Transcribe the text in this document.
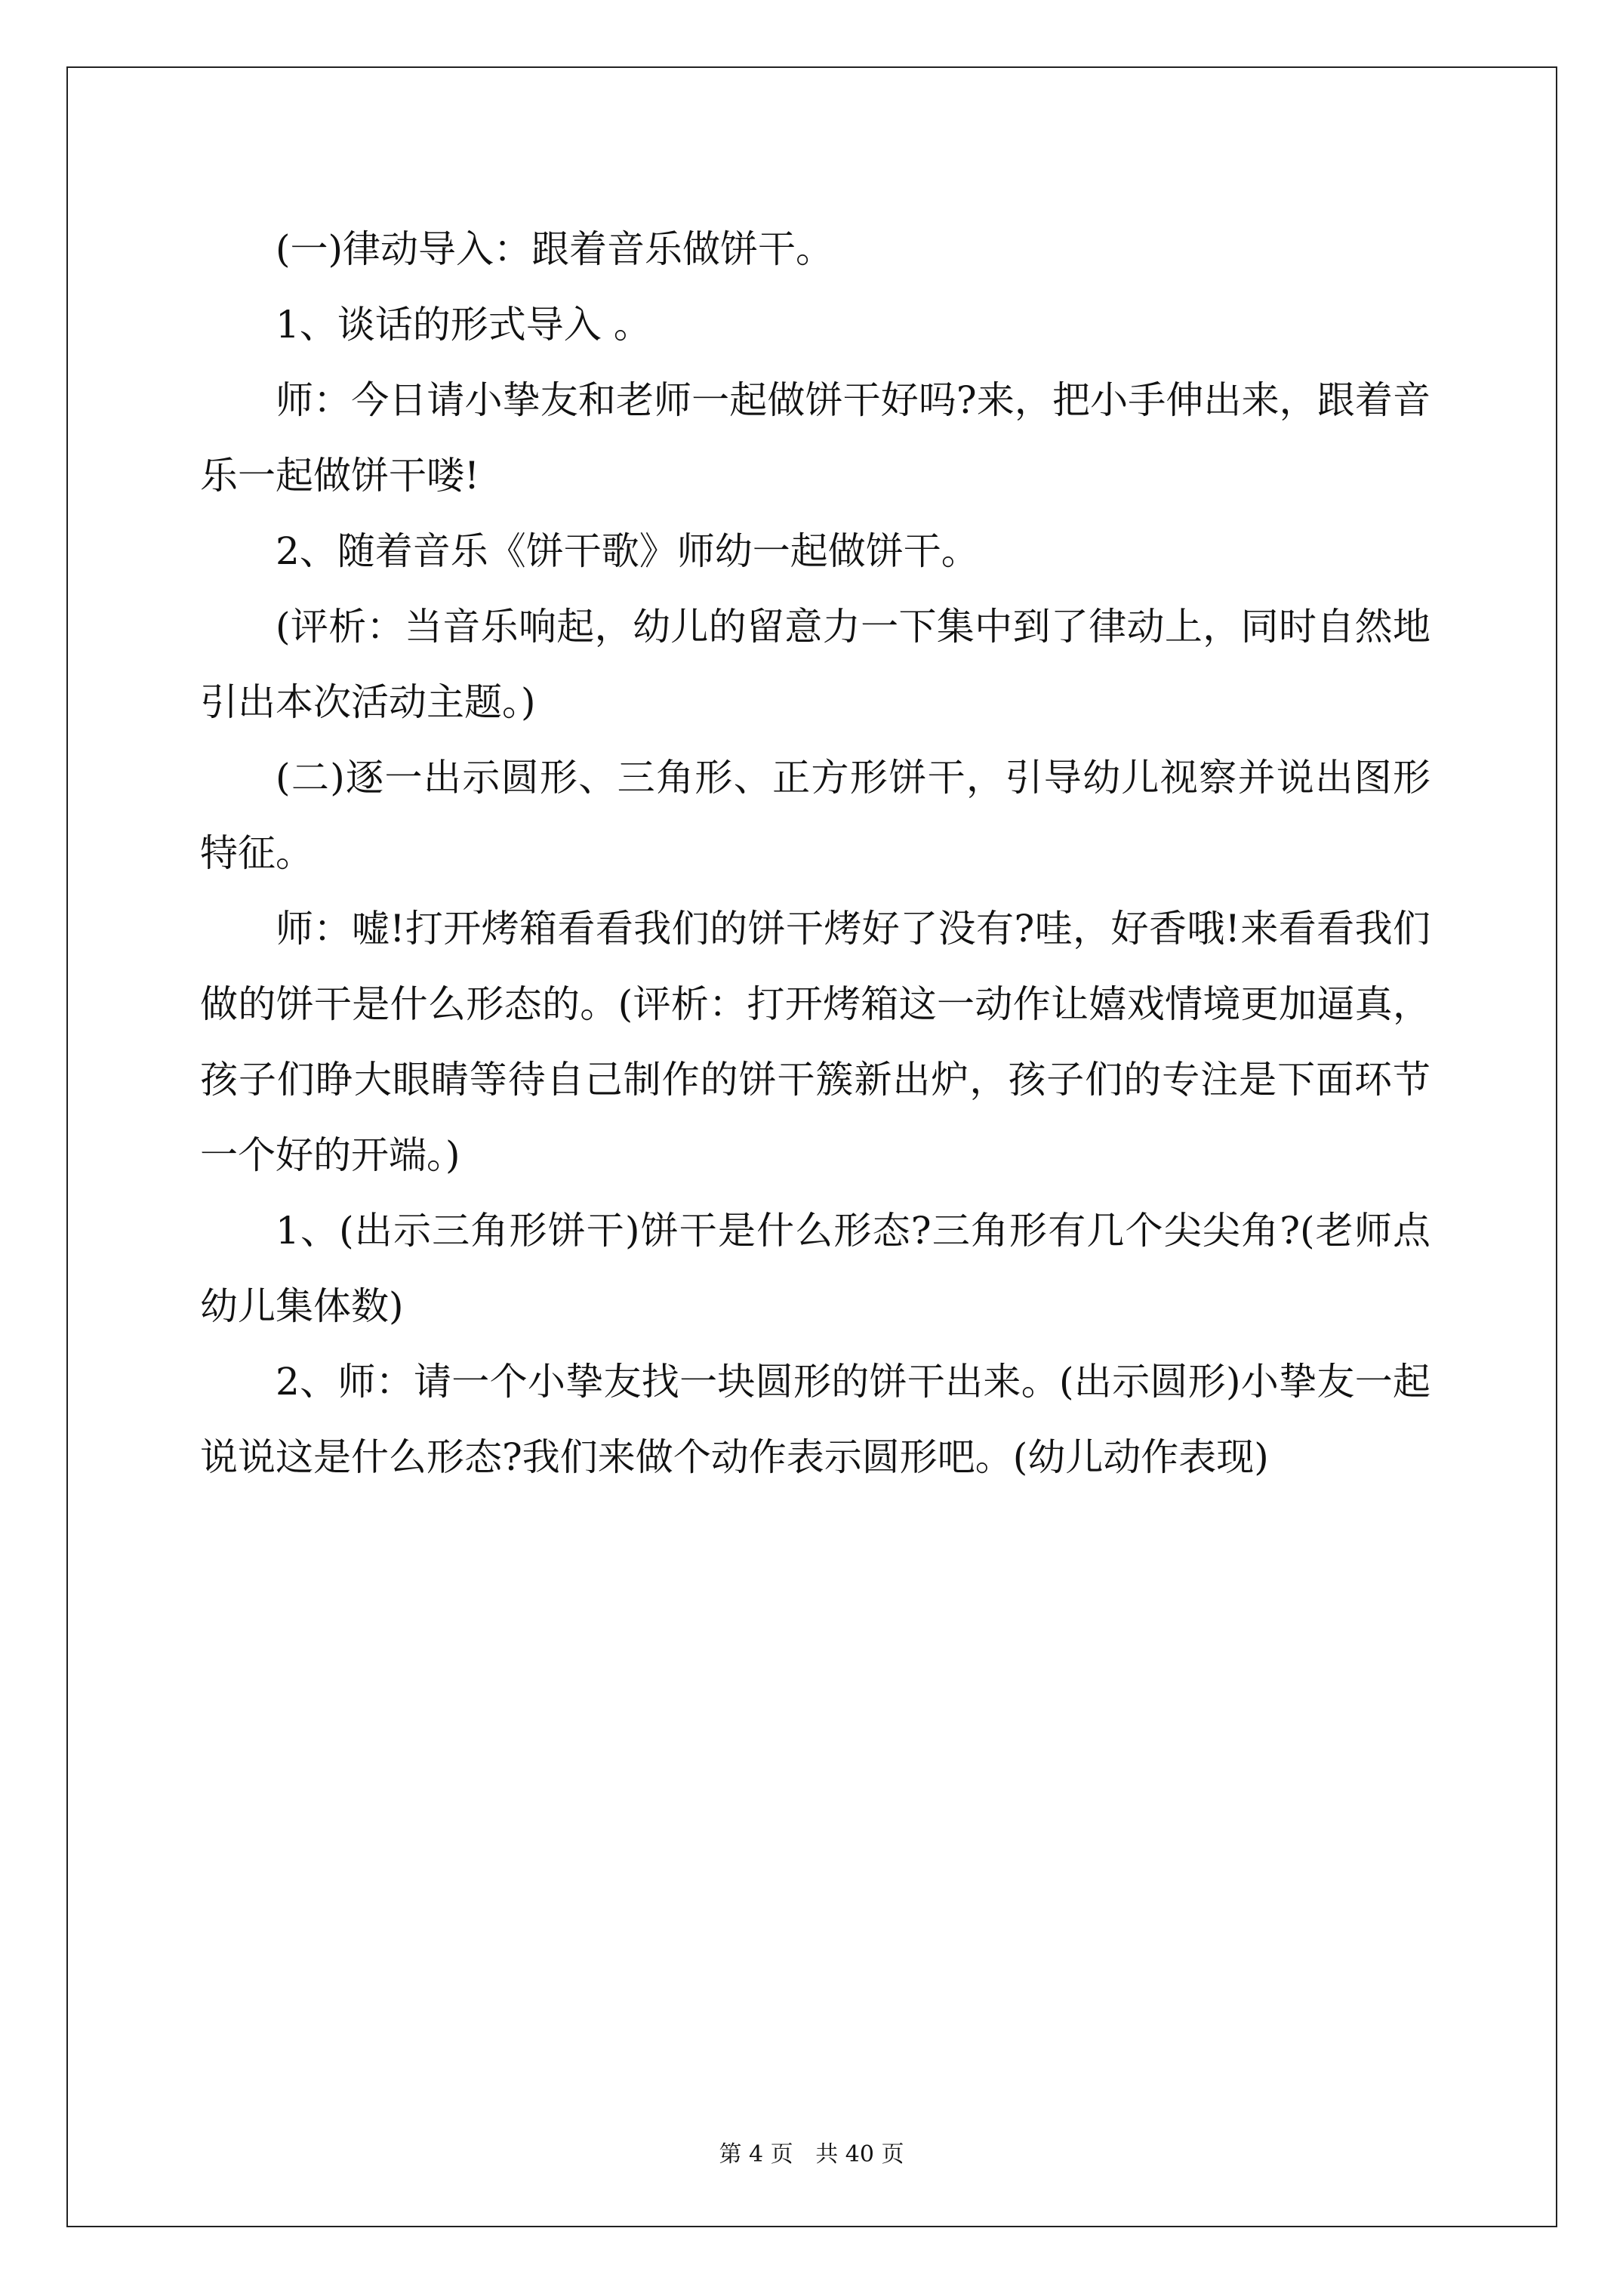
(一)律动导入：跟着音乐做饼干。

1、谈话的形式导入 。

师：今日请小挚友和老师一起做饼干好吗?来，把小手伸出来，跟着音乐一起做饼干喽!

2、随着音乐《饼干歌》师幼一起做饼干。

(评析：当音乐响起，幼儿的留意力一下集中到了律动上，同时自然地引出本次活动主题。)

(二)逐一出示圆形、三角形、正方形饼干，引导幼儿视察并说出图形特征。

师：嘘!打开烤箱看看我们的饼干烤好了没有?哇，好香哦!来看看我们做的饼干是什么形态的。(评析：打开烤箱这一动作让嬉戏情境更加逼真，孩子们睁大眼睛等待自己制作的饼干簇新出炉，孩子们的专注是下面环节一个好的开端。)

1、(出示三角形饼干)饼干是什么形态?三角形有几个尖尖角?(老师点幼儿集体数)

2、师：请一个小挚友找一块圆形的饼干出来。(出示圆形)小挚友一起说说这是什么形态?我们来做个动作表示圆形吧。(幼儿动作表现)

第 4 页 共 40 页
